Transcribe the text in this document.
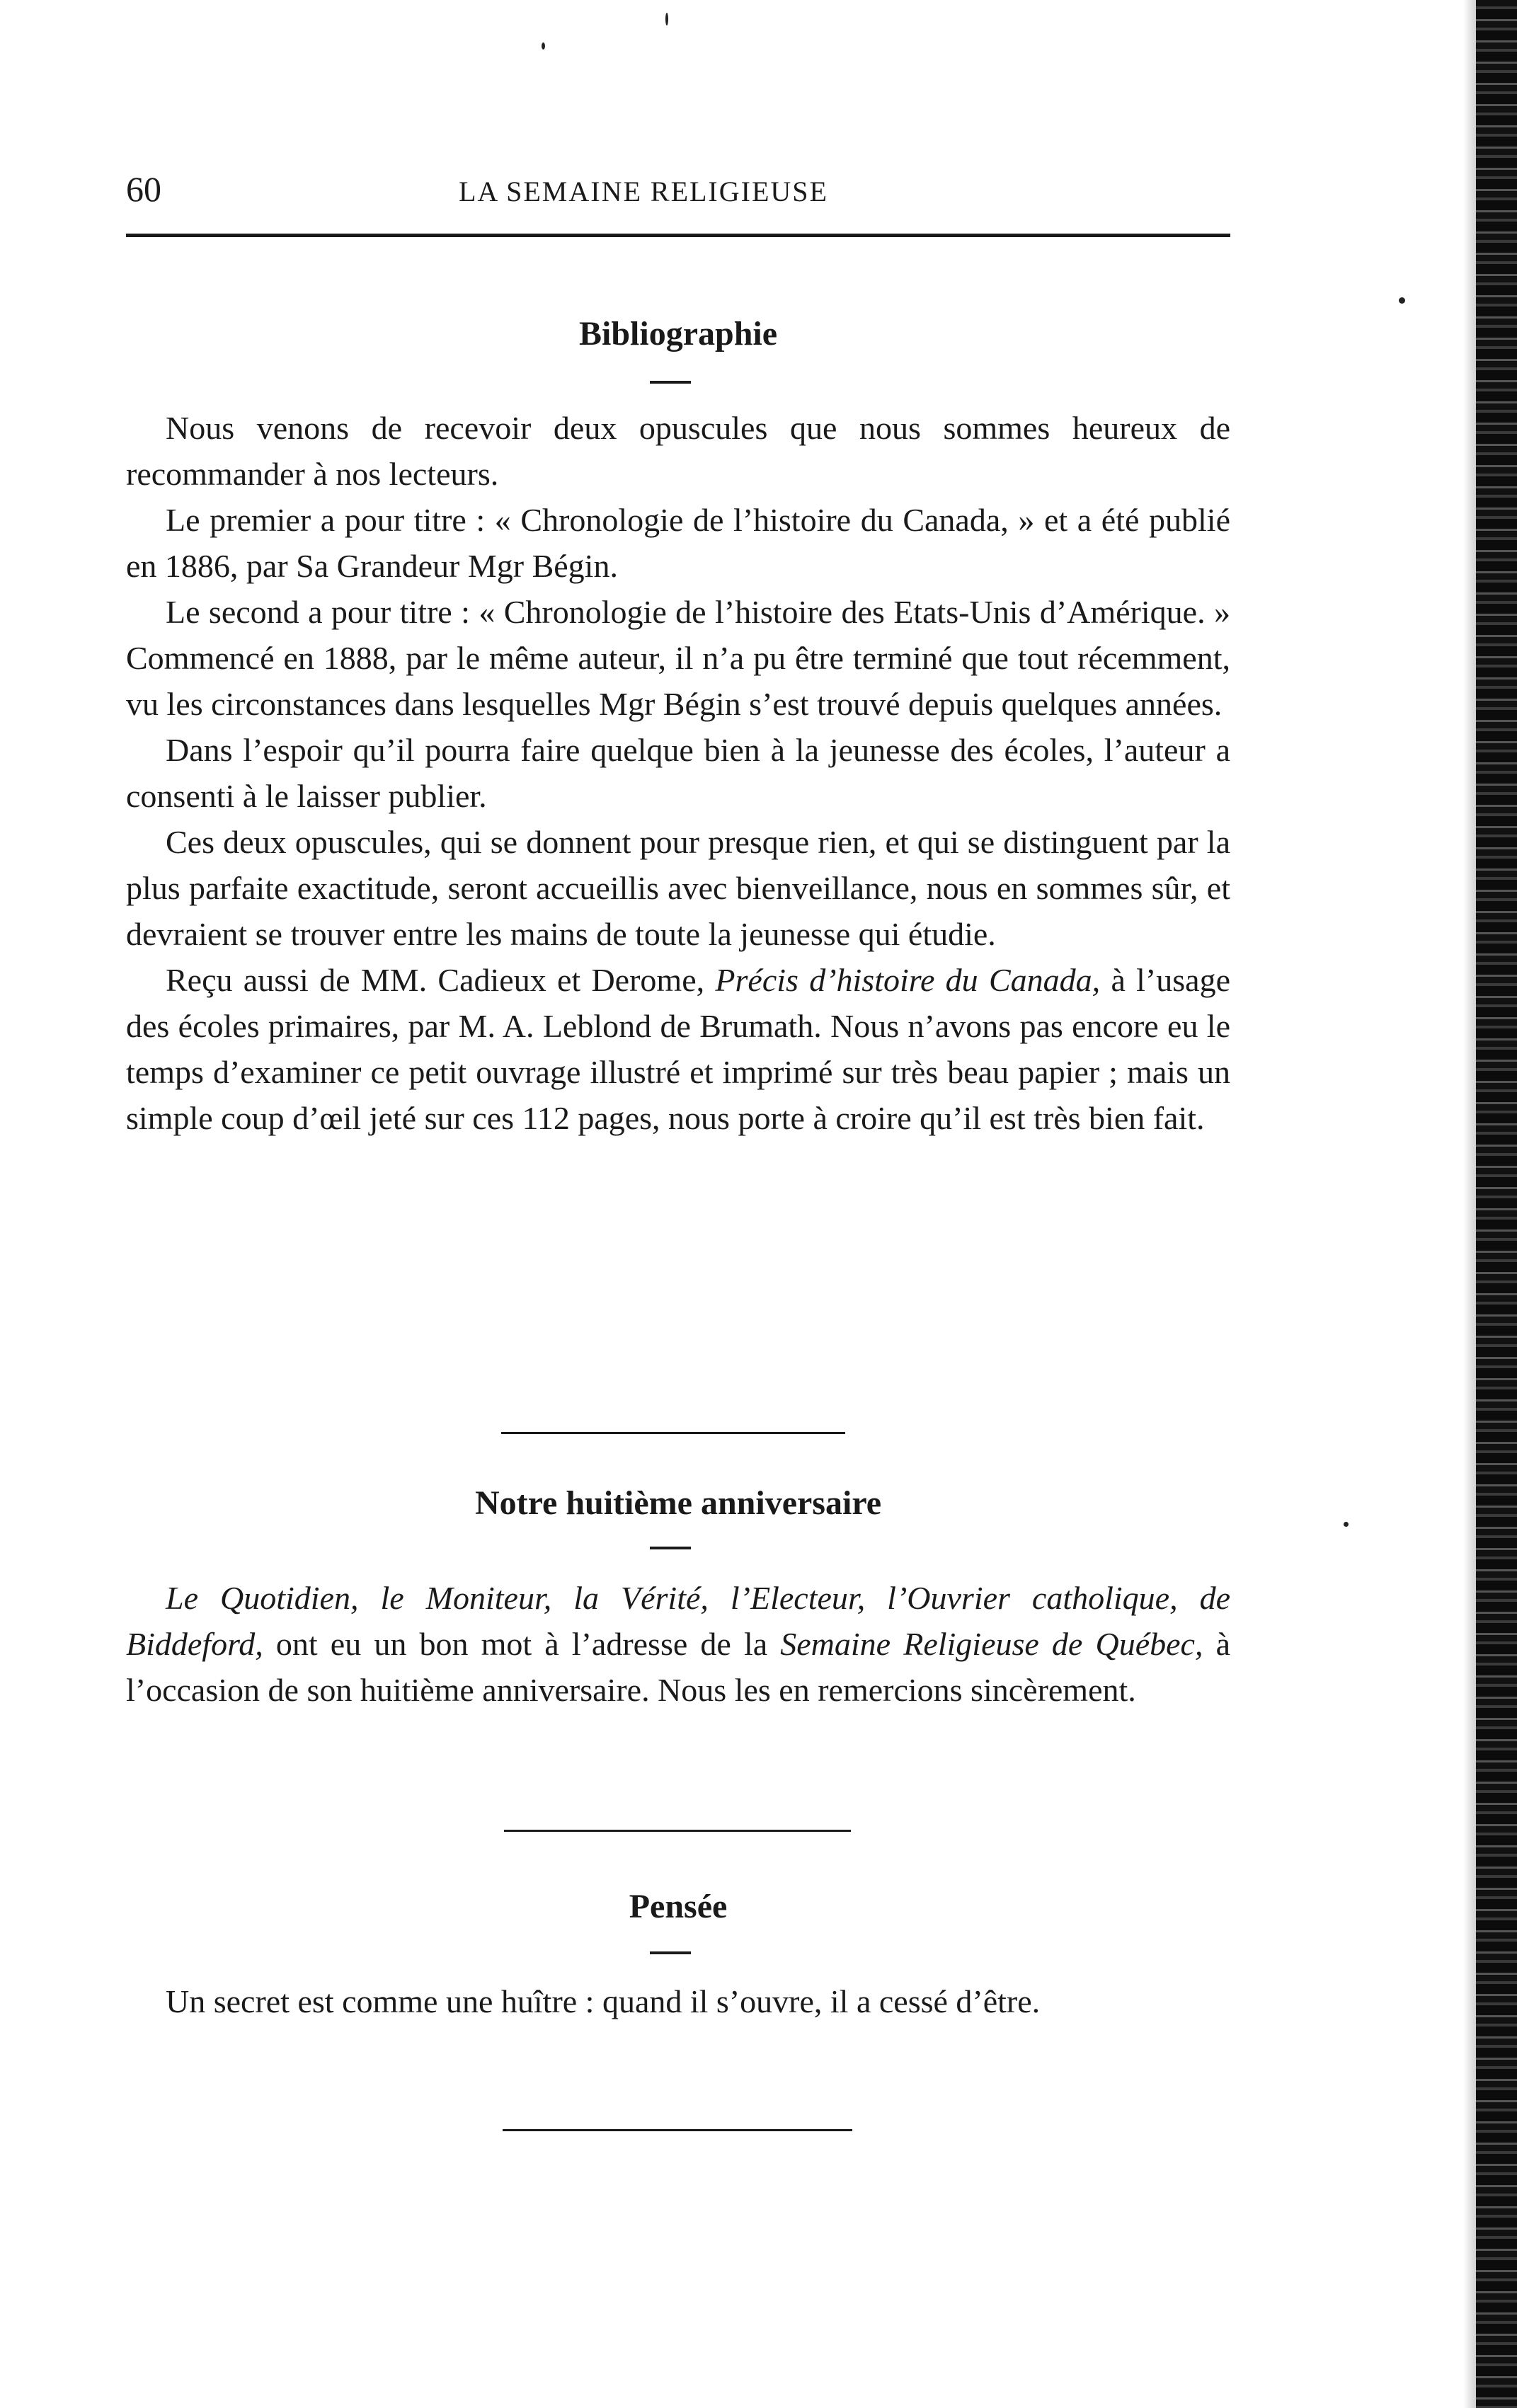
60	LA SEMAINE RELIGIEUSE
Bibliographie

Nous venons de recevoir deux opuscules que nous sommes heureux de recommander à nos lecteurs.

Le premier a pour titre : « Chronologie de l’histoire du Canada, » et a été publié en 1886, par Sa Grandeur Mgr Bégin.

Le second a pour titre : « Chronologie de l’histoire des Etats-Unis d’Amérique. » Commencé en 1888, par le même auteur, il n’a pu être terminé que tout récemment, vu les circonstances dans lesquelles Mgr Bégin s’est trouvé depuis quelques années.

Dans l’espoir qu’il pourra faire quelque bien à la jeunesse des écoles, l’auteur a consenti à le laisser publier.

Ces deux opuscules, qui se donnent pour presque rien, et qui se distinguent par la plus parfaite exactitude, seront accueillis avec bienveillance, nous en sommes sûr, et devraient se trouver entre les mains de toute la jeunesse qui étudie.

Reçu aussi de MM. Cadieux et Derome, Précis d’histoire du Canada, à l’usage des écoles primaires, par M. A. Leblond de Brumath. Nous n’avons pas encore eu le temps d’examiner ce petit ouvrage illustré et imprimé sur très beau papier ; mais un simple coup d’œil jeté sur ces 112 pages, nous porte à croire qu’il est très bien fait.

Notre huitième anniversaire

Le Quotidien, le Moniteur, la Vérité, l’Electeur, l’Ouvrier catholique, de Biddeford, ont eu un bon mot à l’adresse de la Semaine Religieuse de Québec, à l’occasion de son huitième anniversaire. Nous les en remercions sincèrement.

Pensée

Un secret est comme une huître : quand il s’ouvre, il a cessé d’être.
